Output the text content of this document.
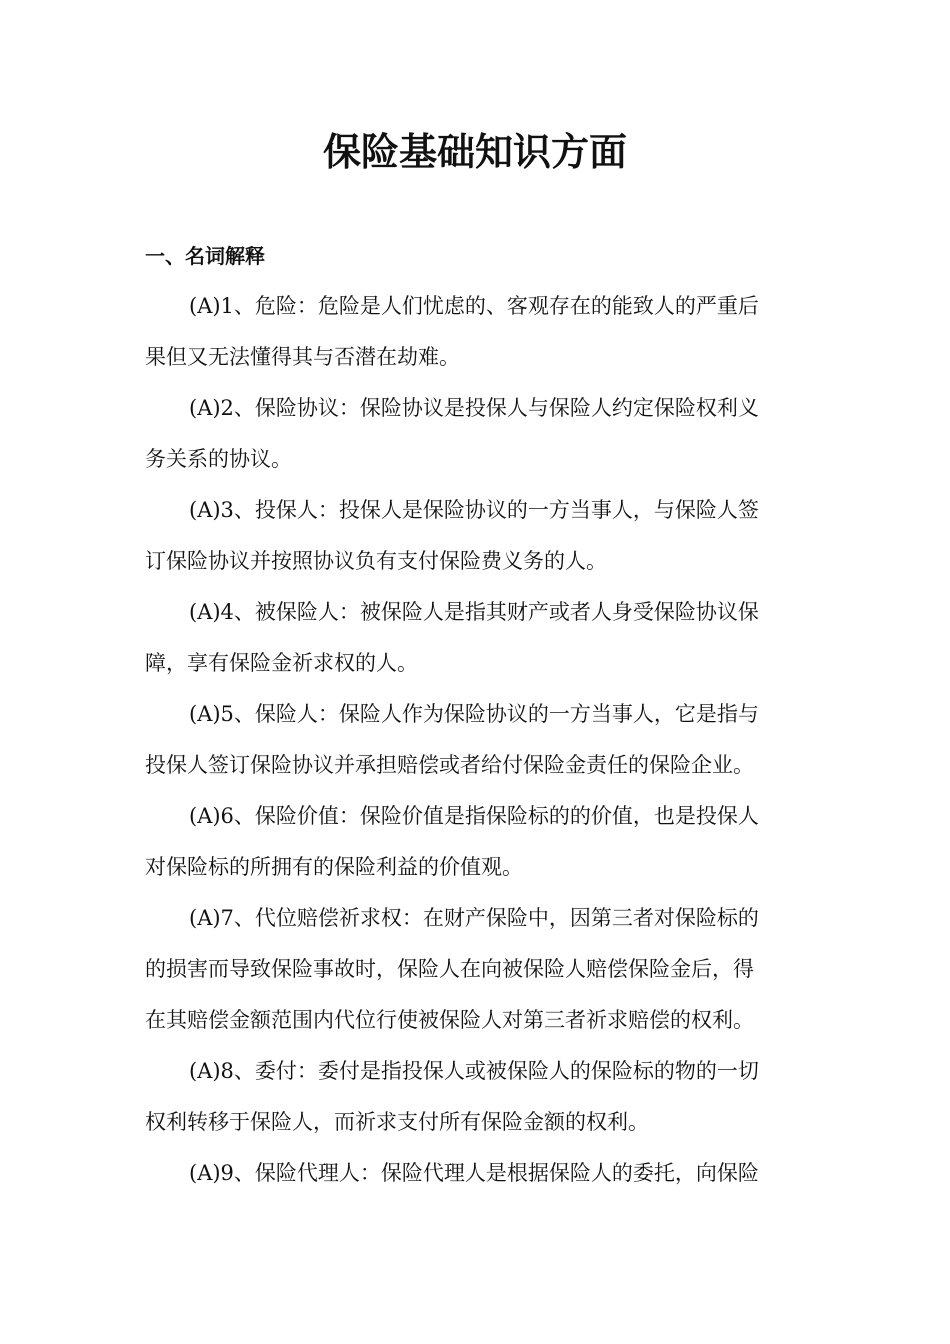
保险基础知识方面
一、名词解释
(A)1、危险：危险是人们忧虑的、客观存在的能致人的严重后
果但又无法懂得其与否潜在劫难。
(A)2、保险协议：保险协议是投保人与保险人约定保险权利义
务关系的协议。
(A)3、投保人：投保人是保险协议的一方当事人，与保险人签
订保险协议并按照协议负有支付保险费义务的人。
(A)4、被保险人：被保险人是指其财产或者人身受保险协议保
障，享有保险金祈求权的人。
(A)5、保险人：保险人作为保险协议的一方当事人，它是指与
投保人签订保险协议并承担赔偿或者给付保险金责任的保险企业。
(A)6、保险价值：保险价值是指保险标的的价值，也是投保人
对保险标的所拥有的保险利益的价值观。
(A)7、代位赔偿祈求权：在财产保险中，因第三者对保险标的
的损害而导致保险事故时，保险人在向被保险人赔偿保险金后，得
在其赔偿金额范围内代位行使被保险人对第三者祈求赔偿的权利。
(A)8、委付：委付是指投保人或被保险人的保险标的物的一切
权利转移于保险人，而祈求支付所有保险金额的权利。
(A)9、保险代理人：保险代理人是根据保险人的委托，向保险
